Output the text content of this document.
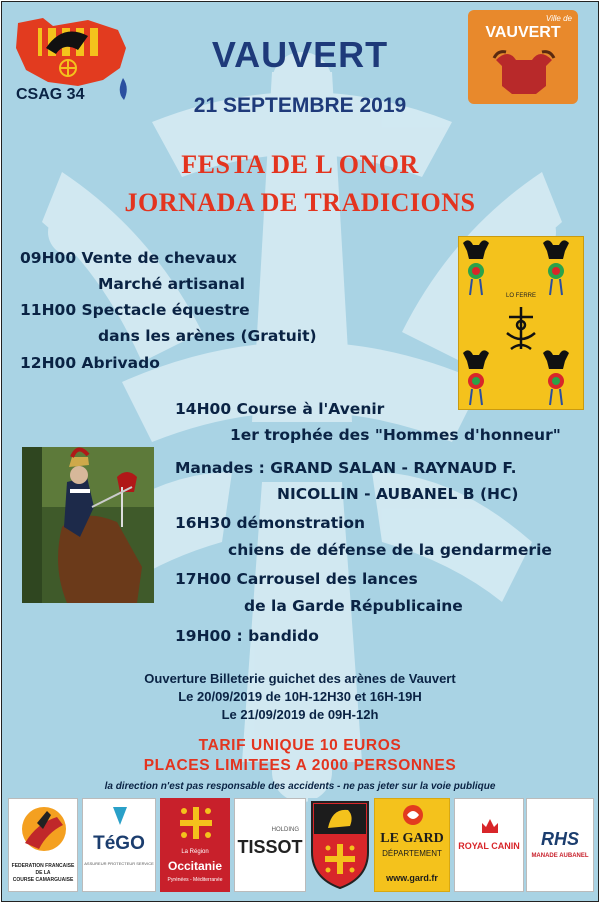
CSAG 34
Ville de
VAUVERT
VAUVERT
21 SEPTEMBRE 2019
FESTA DE L ONOR
JORNADA DE TRADICIONS
LO FERRE
09H00 Vente de chevaux
Marché artisanal
11H00 Spectacle équestre
dans les arènes (Gratuit)
12H00 Abrivado
14H00 Course à l'Avenir
1er trophée des "Hommes d'honneur"
Manades : GRAND SALAN - RAYNAUD F.
NICOLLIN - AUBANEL B (HC)
16H30 démonstration
chiens de défense de la gendarmerie
17H00 Carrousel des lances
de la Garde Républicaine
19H00 : bandido
Ouverture Billeterie guichet des arènes de Vauvert
Le 20/09/2019 de 10H-12H30 et 16H-19H
Le 21/09/2019 de 09H-12h
TARIF UNIQUE 10 EUROS
PLACES LIMITEES A 2000 PERSONNES
la direction n'est pas responsable des accidents - ne pas jeter sur la voie publique
FEDERATION FRANCAISE
DE LA
COURSE CAMARGUAISE
TéGO
ASSUREUR PROTECTEUR SERVICE
La Région
Occitanie
Pyrénées - Méditerranée
HOLDING
TISSOT	LE GARD
DÉPARTEMENT
www.gard.fr
ROYAL CANIN	RHS
MANADE AUBANEL
